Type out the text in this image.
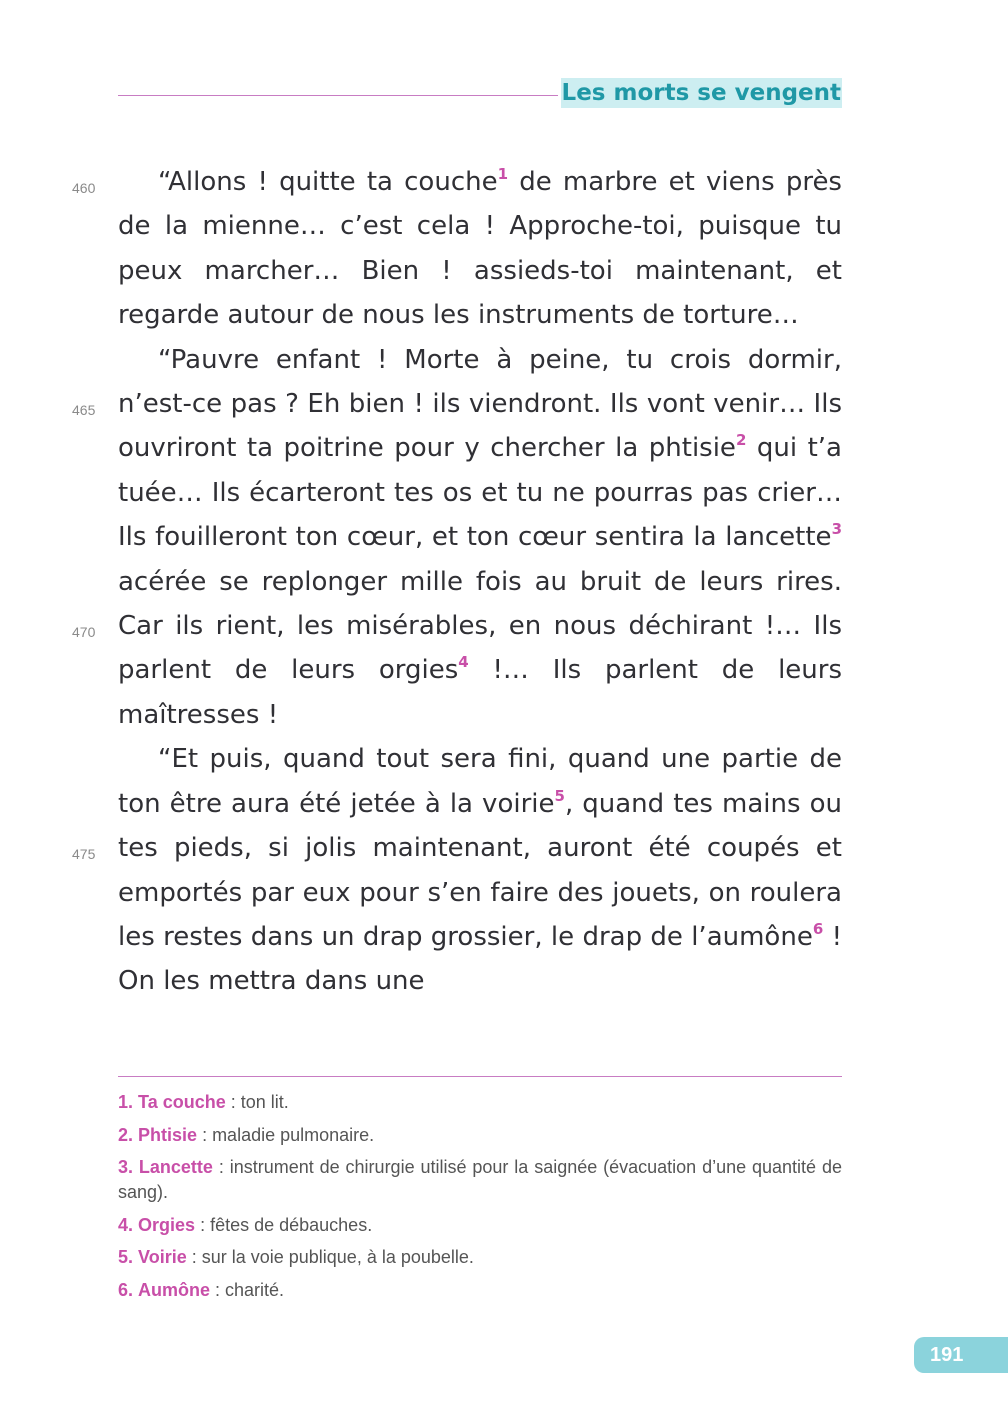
Les morts se vengent
460
465
470
475

“Allons ! quitte ta couche$^1$ de marbre et viens près de la mienne… c’est cela ! Approche-toi, puisque tu peux marcher… Bien ! assieds-toi maintenant, et regarde autour de nous les instruments de torture…

“Pauvre enfant ! Morte à peine, tu crois dormir, n’est-ce pas ? Eh bien ! ils viendront. Ils vont venir… Ils ouvriront ta poitrine pour y chercher la phtisie$^2$ qui t’a tuée… Ils écarteront tes os et tu ne pourras pas crier… Ils fouilleront ton cœur, et ton cœur sentira la lancette$^3$ acérée se replonger mille fois au bruit de leurs rires. Car ils rient, les misérables, en nous déchirant !… Ils parlent de leurs orgies$^4$ !… Ils parlent de leurs maîtresses !

“Et puis, quand tout sera fini, quand une partie de ton être aura été jetée à la voirie$^5$, quand tes mains ou tes pieds, si jolis maintenant, auront été coupés et emportés par eux pour s’en faire des jouets, on roulera les restes dans un drap grossier, le drap de l’aumône$^6$ ! On les mettra dans une

1. Ta couche : ton lit.

2. Phtisie : maladie pulmonaire.

3. Lancette : instrument de chirurgie utilisé pour la saignée (évacuation d’une quantité de sang).

4. Orgies : fêtes de débauches.

5. Voirie : sur la voie publique, à la poubelle.

6. Aumône : charité.

191
